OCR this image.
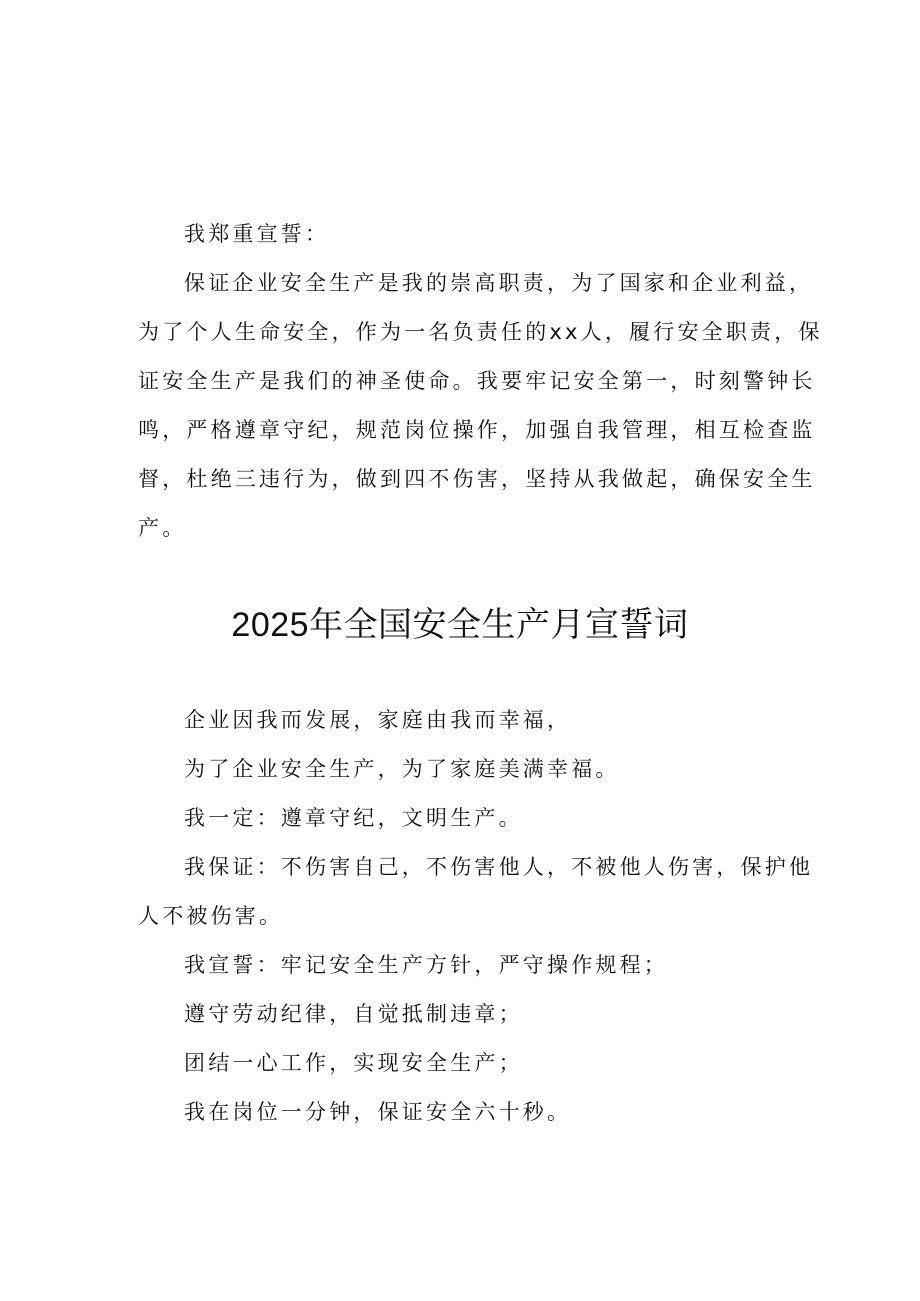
我郑重宣誓：

保证企业安全生产是我的崇高职责，为了国家和企业利益，

为了个人生命安全，作为一名负责任的xx人，履行安全职责，保

证安全生产是我们的神圣使命。我要牢记安全第一，时刻警钟长

鸣，严格遵章守纪，规范岗位操作，加强自我管理，相互检查监

督，杜绝三违行为，做到四不伤害，坚持从我做起，确保安全生

产。

2025年全国安全生产月宣誓词

企业因我而发展，家庭由我而幸福，

为了企业安全生产，为了家庭美满幸福。

我一定：遵章守纪，文明生产。

我保证：不伤害自己，不伤害他人，不被他人伤害，保护他

人不被伤害。

我宣誓：牢记安全生产方针，严守操作规程；

遵守劳动纪律，自觉抵制违章；

团结一心工作，实现安全生产；

我在岗位一分钟，保证安全六十秒。
